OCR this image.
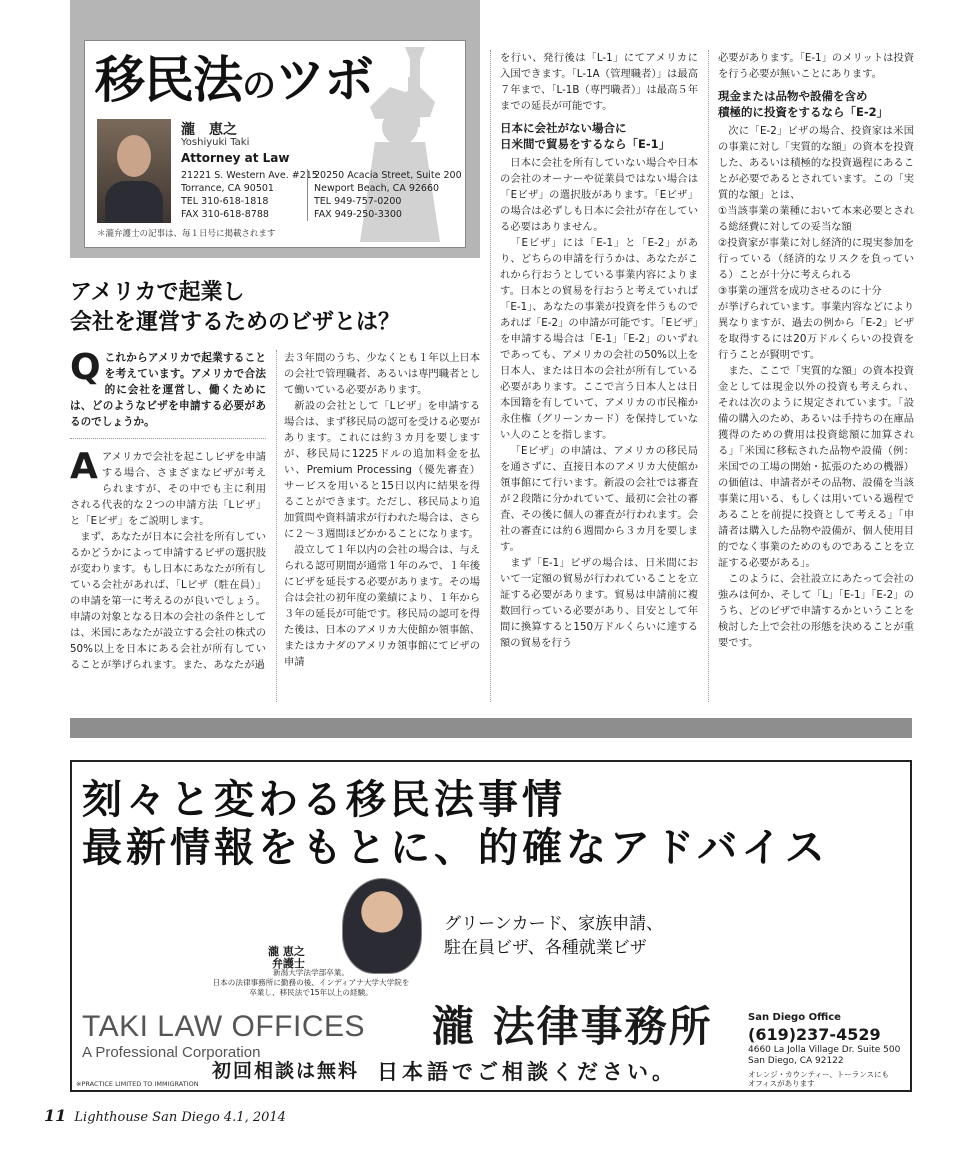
移民法のツボ
瀧　恵之
Yoshiyuki Taki
Attorney at Law
21221 S. Western Ave. #215
Torrance, CA 90501
TEL 310-618-1818
FAX 310-618-8788
20250 Acacia Street, Suite 200
Newport Beach, CA 92660
TEL 949-757-0200
FAX 949-250-3300
＊瀧弁護士の記事は、毎１日号に掲載されます
アメリカで起業し
会社を運営するためのビザとは？
Q これからアメリカで起業することを考えています。アメリカで合法的に会社を運営し、働くためには、どのようなビザを申請する必要があるのでしょうか。

Aアメリカで会社を起こしビザを申請する場合、さまざまなビザが考えられますが、その中でも主に利用される代表的な２つの申請方法「Lビザ」と「Eビザ」をご説明します。

まず、あなたが日本に会社を所有しているかどうかによって申請するビザの選択肢が変わります。もし日本にあなたが所有している会社があれば、「Lビザ（駐在員）」の申請を第一に考えるのが良いでしょう。申請の対象となる日本の会社の条件としては、米国にあなたが設立する会社の株式の50%以上を日本にある会社が所有していることが挙げられます。また、あなたが過

去３年間のうち、少なくとも１年以上日本の会社で管理職者、あるいは専門職者として働いている必要があります。

新設の会社として「Lビザ」を申請する場合は、まず移民局の認可を受ける必要があります。これには約３カ月を要しますが、移民局に1225ドルの追加料金を払い、Premium Processing（優先審査）サービスを用いると15日以内に結果を得ることができます。ただし、移民局より追加質問や資料請求が行われた場合は、さらに２〜３週間ほどかかることになります。

設立して１年以内の会社の場合は、与えられる認可期間が通常１年のみで、１年後にビザを延長する必要があります。その場合は会社の初年度の業績により、１年から３年の延長が可能です。移民局の認可を得た後は、日本のアメリカ大使館か領事館、またはカナダのアメリカ領事館にてビザの申請

を行い、発行後は「L-1」にてアメリカに入国できます。「L-1A（管理職者）」は最高７年まで、「L-1B（専門職者）」は最高５年までの延長が可能です。

日本に会社がない場合に
日米間で貿易をするなら「E-1」

日本に会社を所有していない場合や日本の会社のオーナーや従業員ではない場合は「Eビザ」の選択肢があります。「Eビザ」の場合は必ずしも日本に会社が存在している必要はありません。

「Eビザ」には「E-1」と「E-2」があり、どちらの申請を行うかは、あなたがこれから行おうとしている事業内容によります。日本との貿易を行おうと考えていれば「E-1」、あなたの事業が投資を伴うものであれば「E-2」の申請が可能です。「Eビザ」を申請する場合は「E-1」「E-2」のいずれであっても、アメリカの会社の50%以上を日本人、または日本の会社が所有している必要があります。ここで言う日本人とは日本国籍を有していて、アメリカの市民権か永住権（グリーンカード）を保持していない人のことを指します。

「Eビザ」の申請は、アメリカの移民局を通さずに、直接日本のアメリカ大使館か領事館にて行います。新設の会社では審査が２段階に分かれていて、最初に会社の審査、その後に個人の審査が行われます。会社の審査には約６週間から３カ月を要します。

まず「E-1」ビザの場合は、日米間において一定額の貿易が行われていることを立証する必要があります。貿易は申請前に複数回行っている必要があり、目安として年間に換算すると150万ドルくらいに達する額の貿易を行う

必要があります。「E-1」のメリットは投資を行う必要が無いことにあります。

現金または品物や設備を含め
積極的に投資をするなら「E-2」

次に「E-2」ビザの場合、投資家は米国の事業に対し「実質的な額」の資本を投資した、あるいは積極的な投資過程にあることが必要であるとされています。この「実質的な額」とは、

①当該事業の業種において本来必要とされる総経費に対しての妥当な額

②投資家が事業に対し経済的に現実参加を行っている（経済的なリスクを負っている）ことが十分に考えられる

③事業の運営を成功させるのに十分

が挙げられています。事業内容などにより異なりますが、過去の例から「E-2」ビザを取得するには20万ドルくらいの投資を行うことが賢明です。

また、ここで「実質的な額」の資本投資金としては現金以外の投資も考えられ、それは次のように規定されています。「設備の購入のため、あるいは手持ちの在庫品獲得のための費用は投資総額に加算される」「米国に移転された品物や設備（例：米国での工場の開始・拡張のための機器）の価値は、申請者がその品物、設備を当該事業に用いる、もしくは用いている過程であることを前提に投資として考える」「申請者は購入した品物や設備が、個人使用目的でなく事業のためのものであることを立証する必要がある」。

このように、会社設立にあたって会社の強みは何か、そして「L」「E-1」「E-2」のうち、どのビザで申請するかということを検討した上で会社の形態を決めることが重要です。

刻々と変わる移民法事情
最新情報をもとに、的確なアドバイス
グリーンカード、家族申請、
駐在員ビザ、各種就業ビザ
瀧 恵之
弁護士
新潟大学法学部卒業。
日本の法律事務所に勤務の後、インディアナ大学大学院を
卒業し、移民法で15年以上の経験。
TAKI LAW OFFICES
A Professional Corporation
瀧 法律事務所	San Diego Office
(619)237-4529
4660 La Jolla Village Dr. Suite 500
San Diego, CA 92122
初回相談は無料 日本語でご相談ください。
※PRACTICE LIMITED TO IMMIGRATION
オレンジ・カウンティー、トーランスにも
オフィスがあります
11 Lighthouse San Diego 4.1, 2014
